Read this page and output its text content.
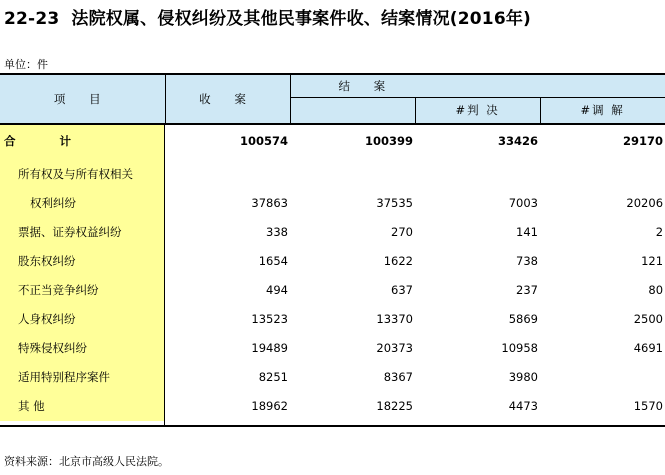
22-23 法院权属、侵权纠纷及其他民事案件收、结案情况(2016年)
单位：件
项 目	收 案	结 案		
			#判 决	#调 解
合 计	100574	100399	33426	29170
所有权及与所有权相关				
权利纠纷	37863	37535	7003	20206
票据、证券权益纠纷	338	270	141	2
股东权纠纷	1654	1622	738	121
不正当竞争纠纷	494	637	237	80
人身权纠纷	13523	13370	5869	2500
特殊侵权纠纷	19489	20373	10958	4691
适用特别程序案件	8251	8367	3980	
其 他	18962	18225	4473	1570
资料来源：北京市高级人民法院。
